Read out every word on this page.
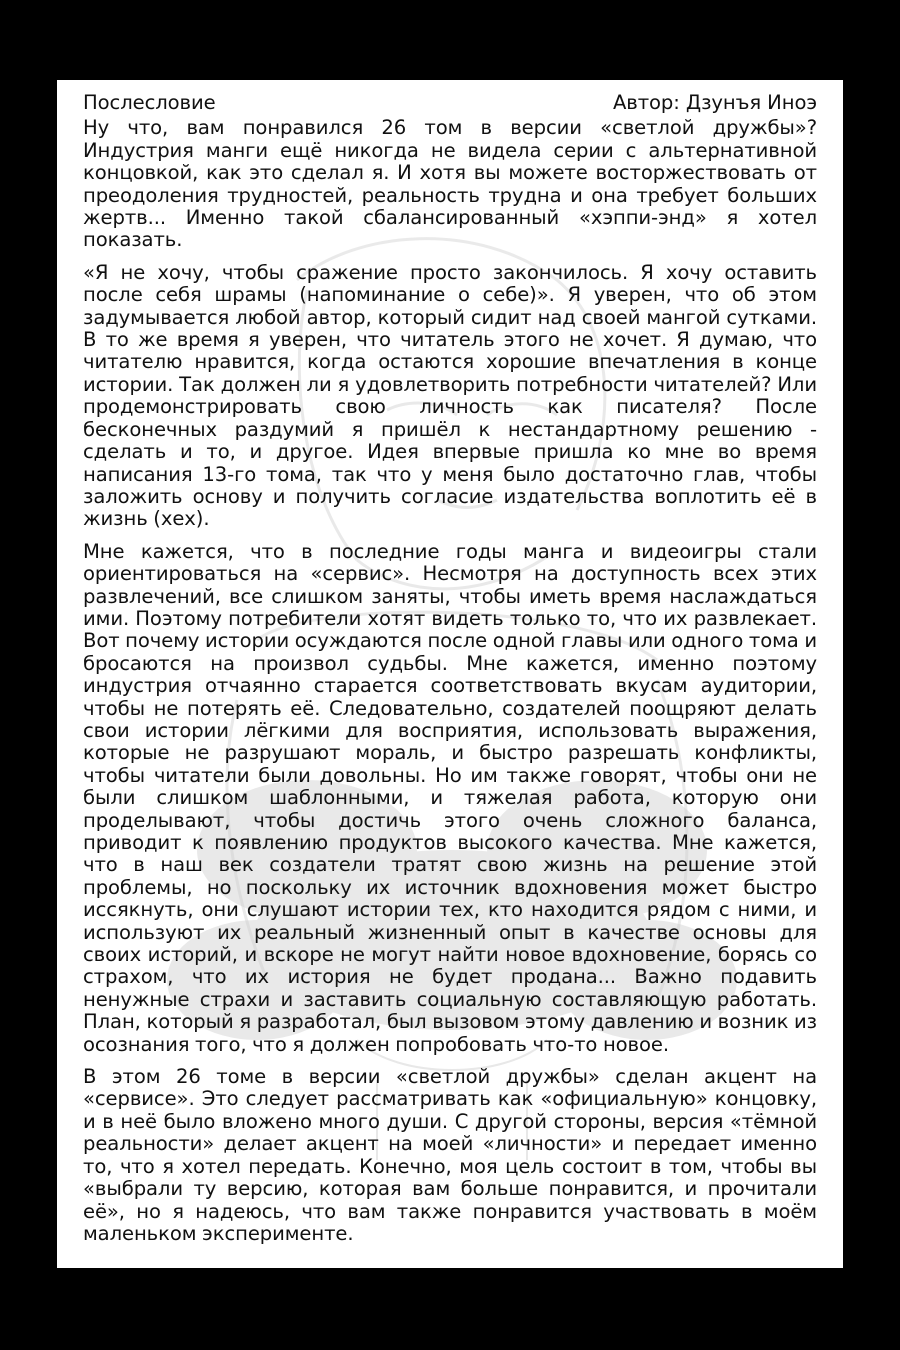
Послесловие	Автор: Дзунъя Иноэ

Ну что, вам понравился 26 том в версии «светлой дружбы»? Индустрия манги ещё никогда не видела серии с альтернативной концовкой, как это сделал я. И хотя вы можете восторжествовать от преодоления трудностей, реальность трудна и она требует больших жертв... Именно такой сбалансированный «хэппи-энд» я хотел показать.

«Я не хочу, чтобы сражение просто закончилось. Я хочу оставить после себя шрамы (напоминание о себе)». Я уверен, что об этом задумывается любой автор, который сидит над своей мангой сутками. В то же время я уверен, что читатель этого не хочет. Я думаю, что читателю нравится, когда остаются хорошие впечатления в конце истории. Так должен ли я удовлетворить потребности читателей? Или продемонстрировать свою личность как писателя? После бесконечных раздумий я пришёл к нестандартному решению - сделать и то, и другое. Идея впервые пришла ко мне во время написания 13-го тома, так что у меня было достаточно глав, чтобы заложить основу и получить согласие издательства воплотить её в жизнь (хех).

Мне кажется, что в последние годы манга и видеоигры стали ориентироваться на «сервис». Несмотря на доступность всех этих развлечений, все слишком заняты, чтобы иметь время наслаждаться ими. Поэтому потребители хотят видеть только то, что их развлекает. Вот почему истории осуждаются после одной главы или одного тома и бросаются на произвол судьбы. Мне кажется, именно поэтому индустрия отчаянно старается соответствовать вкусам аудитории, чтобы не потерять её. Следовательно, создателей поощряют делать свои истории лёгкими для восприятия, использовать выражения, которые не разрушают мораль, и быстро разрешать конфликты, чтобы читатели были довольны. Но им также говорят, чтобы они не были слишком шаблонными, и тяжелая работа, которую они проделывают, чтобы достичь этого очень сложного баланса, приводит к появлению продуктов высокого качества. Мне кажется, что в наш век создатели тратят свою жизнь на решение этой проблемы, но поскольку их источник вдохновения может быстро иссякнуть, они слушают истории тех, кто находится рядом с ними, и используют их реальный жизненный опыт в качестве основы для своих историй, и вскоре не могут найти новое вдохновение, борясь со страхом, что их история не будет продана... Важно подавить ненужные страхи и заставить социальную составляющую работать. План, который я разработал, был вызовом этому давлению и возник из осознания того, что я должен попробовать что-то новое.

В этом 26 томе в версии «светлой дружбы» сделан акцент на «сервисе». Это следует рассматривать как «официальную» концовку, и в неё было вложено много души. С другой стороны, версия «тёмной реальности» делает акцент на моей «личности» и передает именно то, что я хотел передать. Конечно, моя цель состоит в том, чтобы вы «выбрали ту версию, которая вам больше понравится, и прочитали её», но я надеюсь, что вам также понравится участвовать в моём маленьком эксперименте.
